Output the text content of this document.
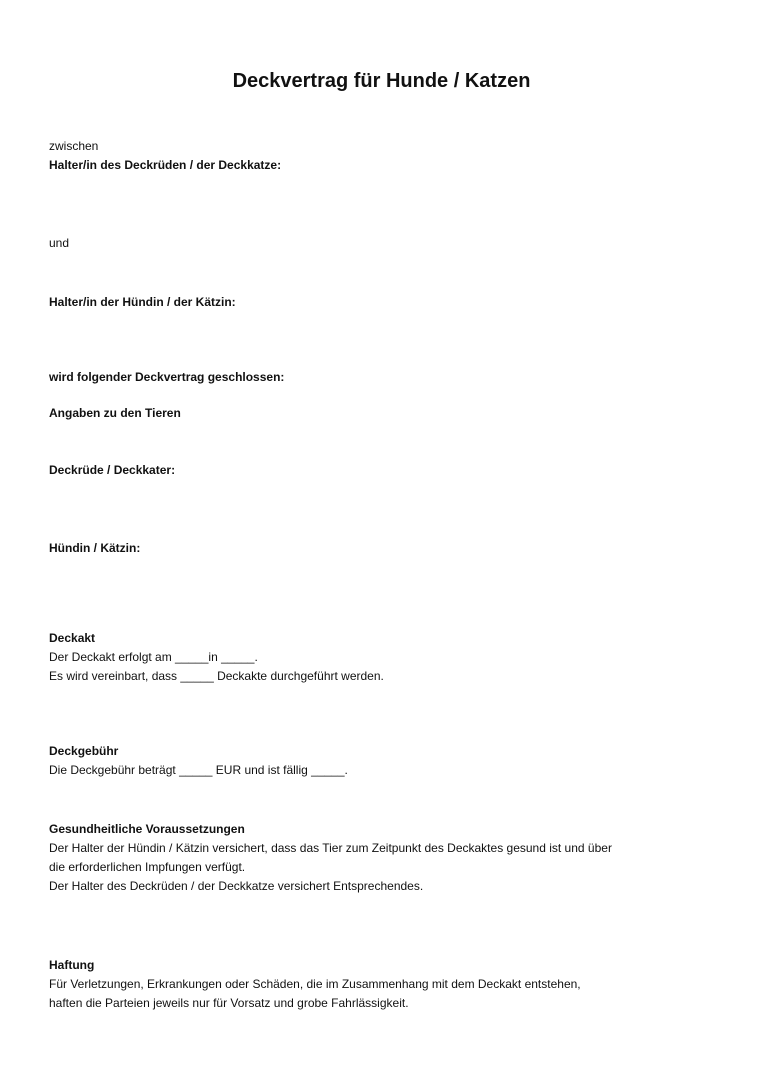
Deckvertrag für Hunde / Katzen
zwischen
Halter/in des Deckrüden / der Deckkatze:
und
Halter/in der Hündin / der Kätzin:
wird folgender Deckvertrag geschlossen:
Angaben zu den Tieren
Deckrüde / Deckkater:
Hündin / Kätzin:
Deckakt
Der Deckakt erfolgt am _____in _____.
Es wird vereinbart, dass _____ Deckakte durchgeführt werden.
Deckgebühr
Die Deckgebühr beträgt _____ EUR und ist fällig _____.
Gesundheitliche Voraussetzungen
Der Halter der Hündin / Kätzin versichert, dass das Tier zum Zeitpunkt des Deckaktes gesund ist und über
die erforderlichen Impfungen verfügt.
Der Halter des Deckrüden / der Deckkatze versichert Entsprechendes.
Haftung
Für Verletzungen, Erkrankungen oder Schäden, die im Zusammenhang mit dem Deckakt entstehen,
haften die Parteien jeweils nur für Vorsatz und grobe Fahrlässigkeit.
